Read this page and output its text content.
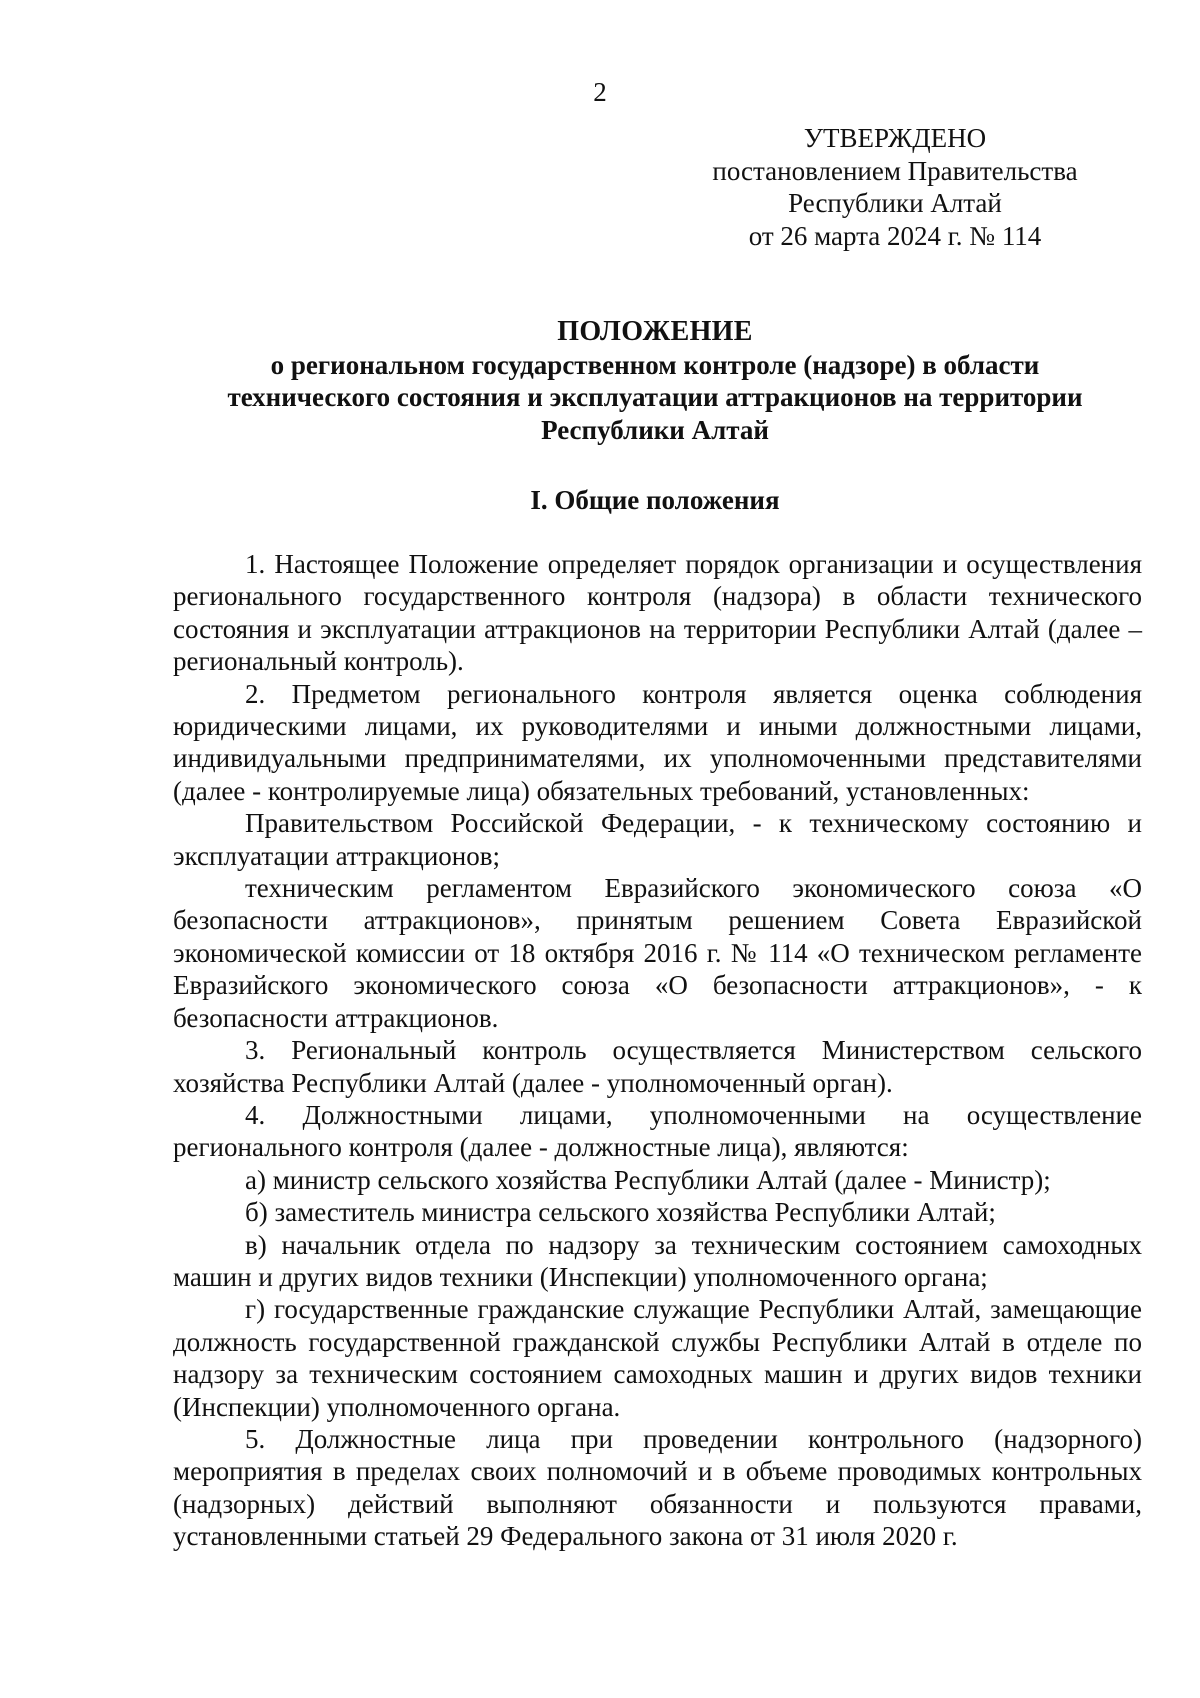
2
УТВЕРЖДЕНО
постановлением Правительства
Республики Алтай
от 26 марта 2024 г. № 114
ПОЛОЖЕНИЕ
о региональном государственном контроле (надзоре) в области
технического состояния и эксплуатации аттракционов на территории
Республики Алтай
I. Общие положения

1. Настоящее Положение определяет порядок организации и осуществления регионального государственного контроля (надзора) в области технического состояния и эксплуатации аттракционов на территории Республики Алтай (далее – региональный контроль).

2. Предметом регионального контроля является оценка соблюдения юридическими лицами, их руководителями и иными должностными лицами, индивидуальными предпринимателями, их уполномоченными представителями (далее - контролируемые лица) обязательных требований, установленных:

Правительством Российской Федерации, - к техническому состоянию и эксплуатации аттракционов;

техническим регламентом Евразийского экономического союза «О безопасности аттракционов», принятым решением Совета Евразийской экономической комиссии от 18 октября 2016 г. № 114 «О техническом регламенте Евразийского экономического союза «О безопасности аттракционов», - к безопасности аттракционов.

3. Региональный контроль осуществляется Министерством сельского хозяйства Республики Алтай (далее - уполномоченный орган).

4. Должностными лицами, уполномоченными на осуществление регионального контроля (далее - должностные лица), являются:

а) министр сельского хозяйства Республики Алтай (далее - Министр);

б) заместитель министра сельского хозяйства Республики Алтай;

в) начальник отдела по надзору за техническим состоянием самоходных машин и других видов техники (Инспекции) уполномоченного органа;

г) государственные гражданские служащие Республики Алтай, замещающие должность государственной гражданской службы Республики Алтай в отделе по надзору за техническим состоянием самоходных машин и других видов техники (Инспекции) уполномоченного органа.

5. Должностные лица при проведении контрольного (надзорного) мероприятия в пределах своих полномочий и в объеме проводимых контрольных (надзорных) действий выполняют обязанности и пользуются правами, установленными статьей 29 Федерального закона от 31 июля 2020 г.
